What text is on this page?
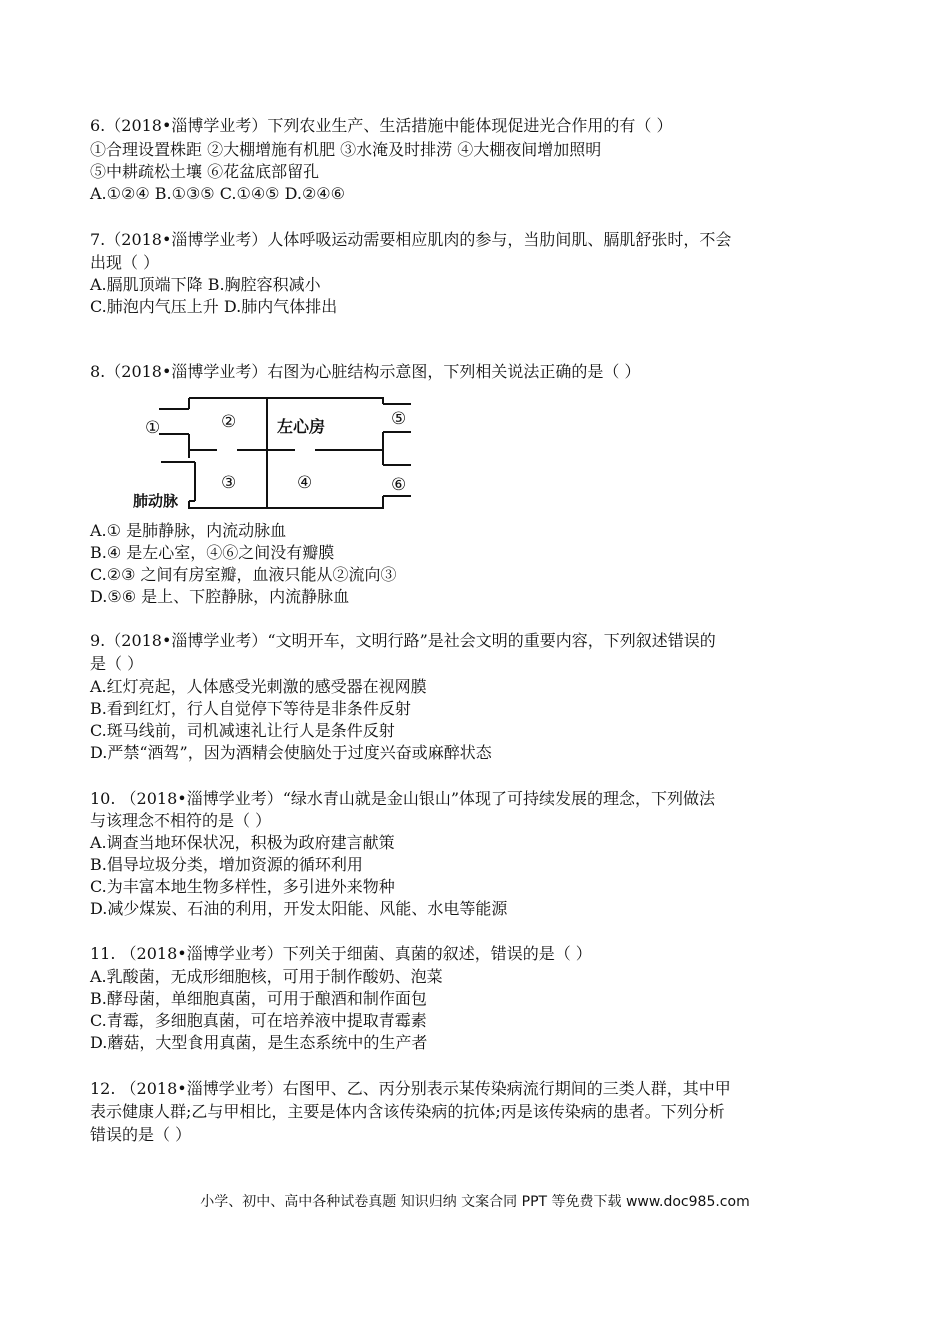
6.（2018•淄博学业考）下列农业生产、生活措施中能体现促进光合作用的有（ ）
①合理设置株距 ②大棚增施有机肥 ③水淹及时排涝 ④大棚夜间增加照明
⑤中耕疏松土壤 ⑥花盆底部留孔
A.①②④ B.①③⑤ C.①④⑤ D.②④⑥
7.（2018•淄博学业考）人体呼吸运动需要相应肌肉的参与，当肋间肌、膈肌舒张时，不会
出现（ ）
A.膈肌顶端下降 B.胸腔容积减小
C.肺泡内气压上升 D.肺内气体排出
8.（2018•淄博学业考）右图为心脏结构示意图，下列相关说法正确的是（ ）
①	②	左心房	⑤
③	④	⑥
肺动脉
A.① 是肺静脉，内流动脉血
B.④ 是左心室，④⑥之间没有瓣膜
C.②③ 之间有房室瓣，血液只能从②流向③
D.⑤⑥ 是上、下腔静脉，内流静脉血
9.（2018•淄博学业考）“文明开车，文明行路”是社会文明的重要内容，下列叙述错误的
是（ ）
A.红灯亮起，人体感受光刺激的感受器在视网膜
B.看到红灯，行人自觉停下等待是非条件反射
C.斑马线前，司机减速礼让行人是条件反射
D.严禁“酒驾”，因为酒精会使脑处于过度兴奋或麻醉状态
10. （2018•淄博学业考）“绿水青山就是金山银山”体现了可持续发展的理念，下列做法
与该理念不相符的是（ ）
A.调查当地环保状况，积极为政府建言献策
B.倡导垃圾分类，增加资源的循环利用
C.为丰富本地生物多样性，多引进外来物种
D.减少煤炭、石油的利用，开发太阳能、风能、水电等能源
11. （2018•淄博学业考）下列关于细菌、真菌的叙述，错误的是（ ）
A.乳酸菌，无成形细胞核，可用于制作酸奶、泡菜
B.酵母菌，单细胞真菌，可用于酿酒和制作面包
C.青霉，多细胞真菌，可在培养液中提取青霉素
D.蘑菇，大型食用真菌，是生态系统中的生产者
12. （2018•淄博学业考）右图甲、乙、丙分别表示某传染病流行期间的三类人群，其中甲
表示健康人群;乙与甲相比，主要是体内含该传染病的抗体;丙是该传染病的患者。下列分析
错误的是（ ）
小学、初中、高中各种试卷真题 知识归纳 文案合同 PPT 等免费下载 www.doc985.com
